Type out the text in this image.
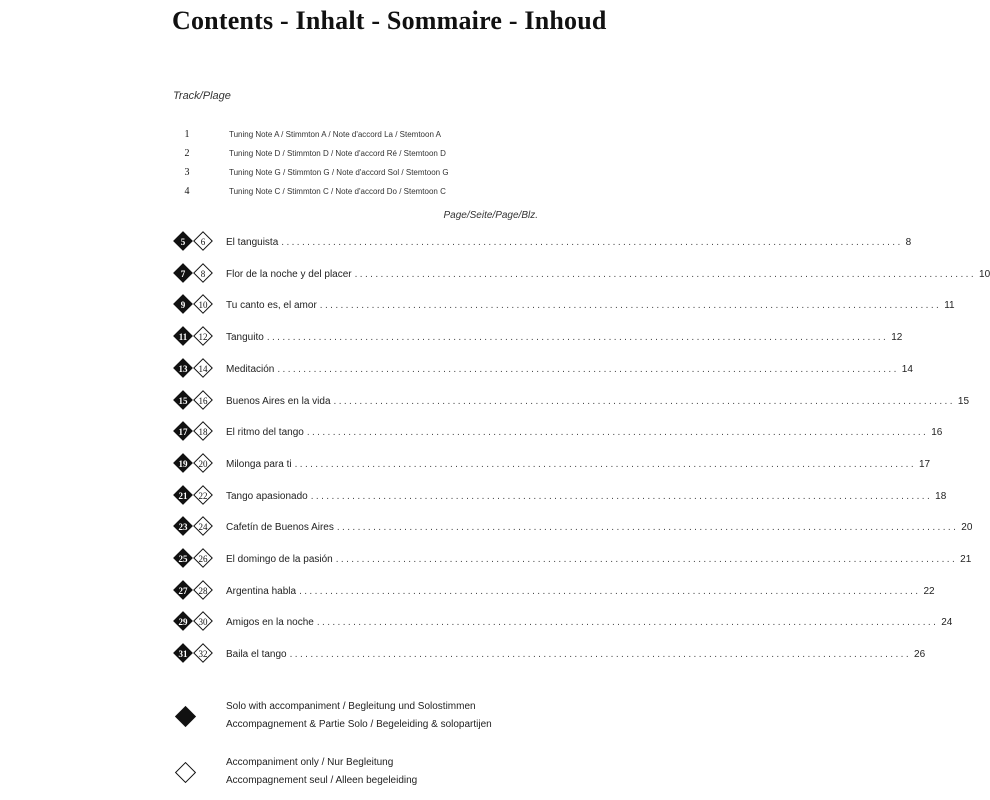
Contents - Inhalt - Sommaire - Inhoud
Track/Plage
1	Tuning Note A / Stimmton A / Note d'accord La / Stemtoon A
2	Tuning Note D / Stimmton D / Note d'accord Ré / Stemtoon D
3	Tuning Note G / Stimmton G / Note d'accord Sol / Stemtoon G
4	Tuning Note C / Stimmton C / Note d'accord Do / Stemtoon C
Page/Seite/Page/Blz.
5	6	El tanguista ........................................................................................................................ 8
7	8	Flor de la noche y del placer ........................................................................................................................ 10
9	10	Tu canto es, el amor ........................................................................................................................ 11
11	12	Tanguito ........................................................................................................................ 12
13	14	Meditación ........................................................................................................................ 14
15	16	Buenos Aires en la vida ........................................................................................................................ 15
17	18	El ritmo del tango ........................................................................................................................ 16
19	20	Milonga para ti ........................................................................................................................ 17
21	22	Tango apasionado ........................................................................................................................ 18
23	24	Cafetín de Buenos Aires ........................................................................................................................ 20
25	26	El domingo de la pasión ........................................................................................................................ 21
27	28	Argentina habla ........................................................................................................................ 22
29	30	Amigos en la noche ........................................................................................................................ 24
31	32	Baila el tango ........................................................................................................................ 26
Solo with accompaniment / Begleitung und Solostimmen
Accompagnement & Partie Solo / Begeleiding & solopartijen
Accompaniment only / Nur Begleitung
Accompagnement seul / Alleen begeleiding
